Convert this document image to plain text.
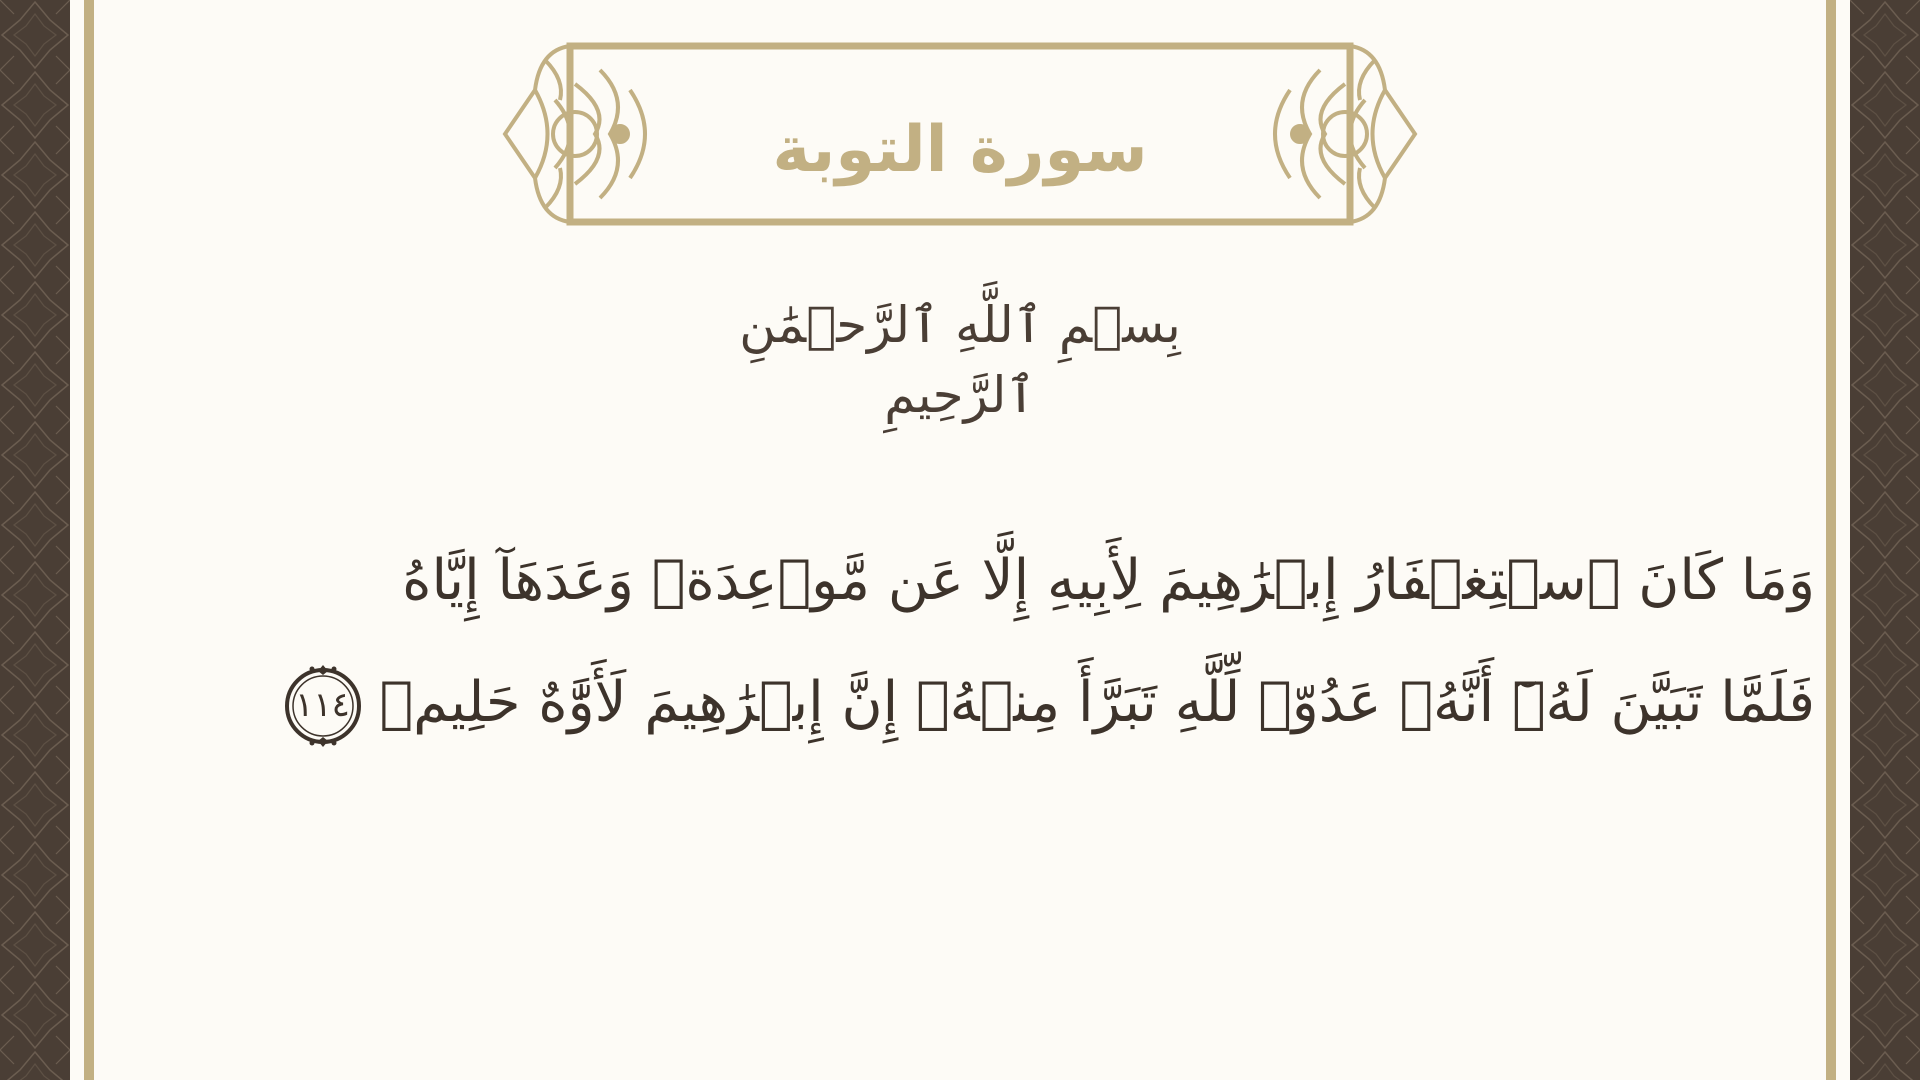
سورة التوبة
بِسۡمِ ٱللَّهِ ٱلرَّحۡمَٰنِ ٱلرَّحِيمِ
وَمَا كَانَ ٱسۡتِغۡفَارُ إِبۡرَٰهِيمَ لِأَبِيهِ إِلَّا عَن مَّوۡعِدَةٖ وَعَدَهَآ إِيَّاهُ
فَلَمَّا تَبَيَّنَ لَهُۥٓ أَنَّهُۥ عَدُوّٞ لِّلَّهِ تَبَرَّأَ مِنۡهُۚ إِنَّ إِبۡرَٰهِيمَ لَأَوَّٰهٌ حَلِيمٞ
١١٤
